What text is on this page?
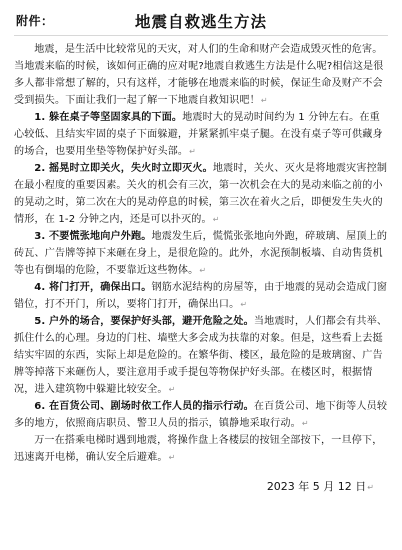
附件：	地震自救逃生方法

地震，是生活中比较常见的天灾，对人们的生命和财产会造成毁灭性的危害。当地震来临的时候，该如何正确的应对呢?地震自救逃生方法是什么呢?相信这是很多人都非常想了解的，只有这样，才能够在地震来临的时候，保证生命及财产不会受到损失。下面让我们一起了解一下地震自救知识吧！↵

1. 躲在桌子等坚固家具的下面。地震时大的晃动时间约为 1 分钟左右。在重心较低、且结实牢固的桌子下面躲避，并紧紧抓牢桌子腿。在没有桌子等可供藏身的场合，也要用坐垫等物保护好头部。↵

2. 摇晃时立即关火，失火时立即灭火。地震时，关火、灭火是将地震灾害控制在最小程度的重要因素。关火的机会有三次，第一次机会在大的晃动来临之前的小的晃动之时，第二次在大的晃动停息的时候，第三次在着火之后，即便发生失火的情形，在 1-2 分钟之内，还是可以扑灭的。↵

3. 不要慌张地向户外跑。地震发生后，慌慌张张地向外跑，碎玻璃、屋顶上的砖瓦、广告牌等掉下来砸在身上，是很危险的。此外，水泥预制板墙、自动售货机等也有倒塌的危险，不要靠近这些物体。↵

4. 将门打开，确保出口。钢筋水泥结构的房屋等，由于地震的晃动会造成门窗错位，打不开门，所以，要将门打开，确保出口。↵

5. 户外的场合，要保护好头部，避开危险之处。当地震时，人们都会有共举、抓住什么的心理。身边的门柱、墙壁大多会成为扶靠的对象。但是，这些看上去挺结实牢固的东西，实际上却是危险的。在繁华街、楼区，最危险的是玻璃窗、广告牌等掉落下来砸伤人，要注意用手或手提包等物保护好头部。在楼区时，根据情况，进入建筑物中躲避比较安全。↵

6. 在百货公司、剧场时依工作人员的指示行动。在百货公司、地下街等人员较多的地方，依照商店职员、警卫人员的指示，镇静地采取行动。↵

万一在搭乘电梯时遇到地震，将操作盘上各楼层的按钮全部按下，一旦停下，迅速离开电梯，确认安全后避难。↵

2023 年 5 月 12 日↵
